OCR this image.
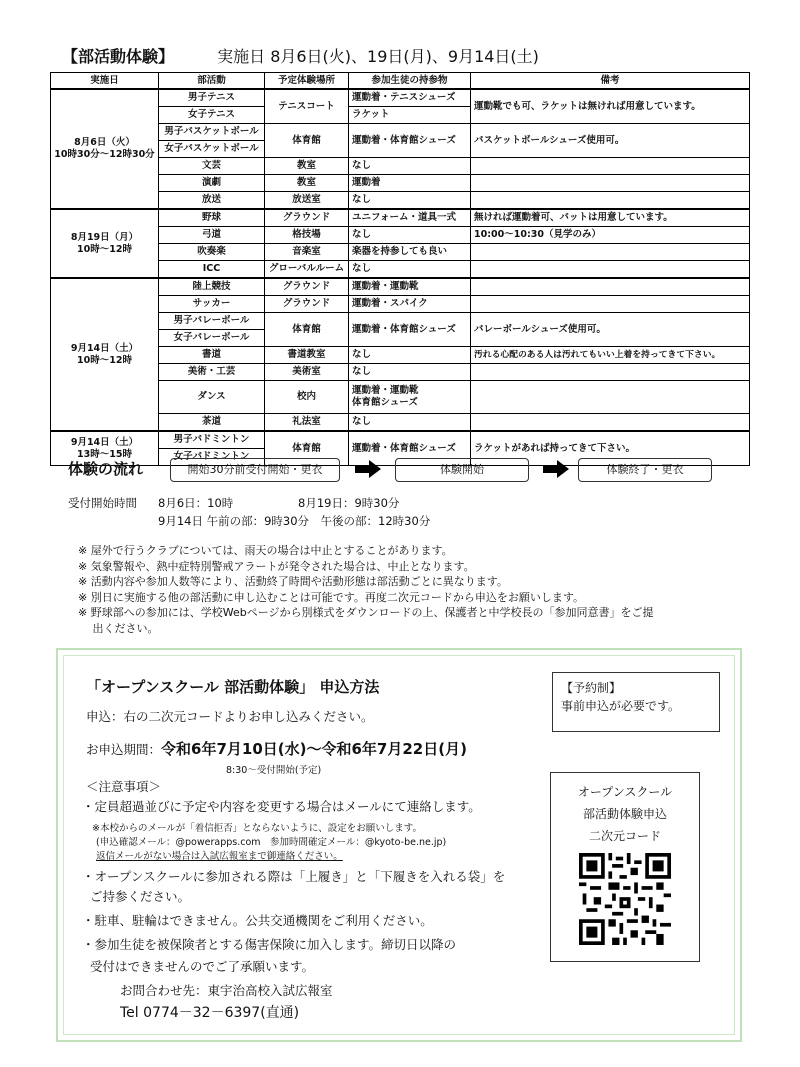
【部活動体験】	実施日 8月6日(火)、19日(月)、9月14日(土)
実施日	部活動	予定体験場所	参加生徒の持参物	備考
8月6日（火）
10時30分～12時30分	男子テニス	テニスコート	運動着・テニスシューズ	運動靴でも可、ラケットは無ければ用意しています。
	女子テニス		ラケット	
	男子バスケットボール	体育館	運動着・体育館シューズ	バスケットボールシューズ使用可。
	女子バスケットボール			
	文芸	教室	なし	
	演劇	教室	運動着	
	放送	放送室	なし	
8月19日（月）
10時～12時	野球	グラウンド	ユニフォーム・道具一式	無ければ運動着可、バットは用意しています。
	弓道	格技場	なし	10:00～10:30（見学のみ）
	吹奏楽	音楽室	楽器を持参しても良い	
	ICC	グローバルルーム	なし	
9月14日（土）
10時～12時	陸上競技	グラウンド	運動着・運動靴	
	サッカー	グラウンド	運動着・スパイク	
	男子バレーボール	体育館	運動着・体育館シューズ	バレーボールシューズ使用可。
	女子バレーボール			
	書道	書道教室	なし	汚れる心配のある人は汚れてもいい上着を持ってきて下さい。
	美術・工芸	美術室	なし	
	ダンス	校内	運動着・運動靴
体育館シューズ	
	茶道	礼法室	なし	
9月14日（土）
13時～15時	男子バドミントン	体育館	運動着・体育館シューズ	ラケットがあれば持ってきて下さい。
	女子バドミントン			
体験の流れ	開始30分前受付開始・更衣	体験開始	体験終了・更衣
受付開始時間 8月6日：10時	8月19日：9時30分
9月14日 午前の部：9時30分　午後の部：12時30分
※ 屋外で行うクラブについては、雨天の場合は中止とすることがあります。
※ 気象警報や、熱中症特別警戒アラートが発令された場合は、中止となります。
※ 活動内容や参加人数等により、活動終了時間や活動形態は部活動ごとに異なります。
※ 別日に実施する他の部活動に申し込むことは可能です。再度二次元コードから申込をお願いします。
※ 野球部への参加には、学校Webページから別様式をダウンロードの上、保護者と中学校長の「参加同意書」をご提
　 出ください。
「オープンスクール 部活動体験」 申込方法	【予約制】
事前申込が必要です。
申込：右の二次元コードよりお申し込みください。
お申込期間：令和6年7月10日(水)～令和6年7月22日(月)
8:30～受付開始(予定)
＜注意事項＞
・定員超過並びに予定や内容を変更する場合はメールにて連絡します。
※本校からのメールが「着信拒否」とならないように、設定をお願いします。
(申込確認メール：@powerapps.com　参加時間確定メール：@kyoto-be.ne.jp)
返信メールがない場合は入試広報室まで御連絡ください。
・オープンスクールに参加される際は「上履き」と「下履きを入れる袋」を
ご持参ください。
・駐車、駐輪はできません。公共交通機関をご利用ください。
・参加生徒を被保険者とする傷害保険に加入します。締切日以降の
受付はできませんのでご了承願います。
お問合わせ先：東宇治高校入試広報室
Tel 0774－32－6397(直通)
オープンスクール
部活動体験申込
二次元コード
